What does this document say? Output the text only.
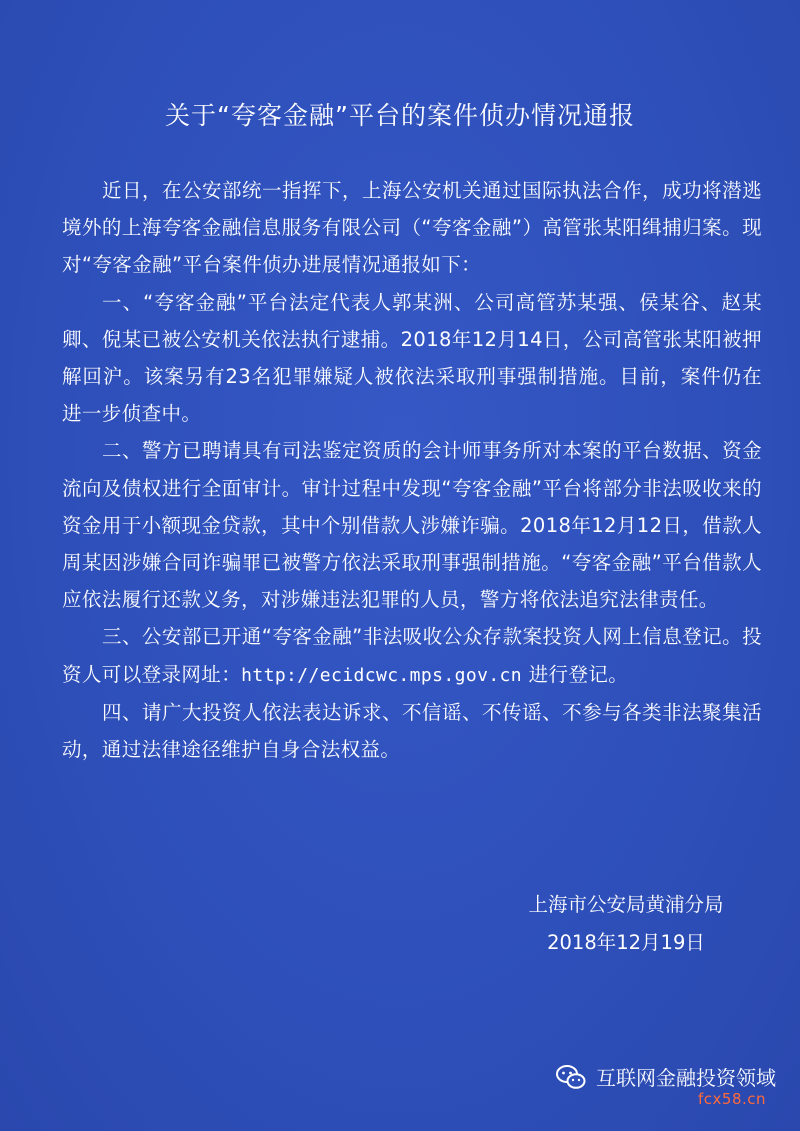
关于“夸客金融”平台的案件侦办情况通报

近日，在公安部统一指挥下，上海公安机关通过国际执法合作，成功将潜逃境外的上海夸客金融信息服务有限公司（“夸客金融”）高管张某阳缉捕归案。现对“夸客金融”平台案件侦办进展情况通报如下：

一、“夸客金融”平台法定代表人郭某洲、公司高管苏某强、侯某谷、赵某卿、倪某已被公安机关依法执行逮捕。2018年12月14日，公司高管张某阳被押解回沪。该案另有23名犯罪嫌疑人被依法采取刑事强制措施。目前，案件仍在进一步侦查中。

二、警方已聘请具有司法鉴定资质的会计师事务所对本案的平台数据、资金流向及债权进行全面审计。审计过程中发现“夸客金融”平台将部分非法吸收来的资金用于小额现金贷款，其中个别借款人涉嫌诈骗。2018年12月12日，借款人周某因涉嫌合同诈骗罪已被警方依法采取刑事强制措施。“夸客金融”平台借款人应依法履行还款义务，对涉嫌违法犯罪的人员，警方将依法追究法律责任。

三、公安部已开通“夸客金融”非法吸收公众存款案投资人网上信息登记。投资人可以登录网址：http://ecidcwc.mps.gov.cn 进行登记。

四、请广大投资人依法表达诉求、不信谣、不传谣、不参与各类非法聚集活动，通过法律途径维护自身合法权益。

上海市公安局黄浦分局
2018年12月19日
互联网金融投资领域
fcx58.cn
